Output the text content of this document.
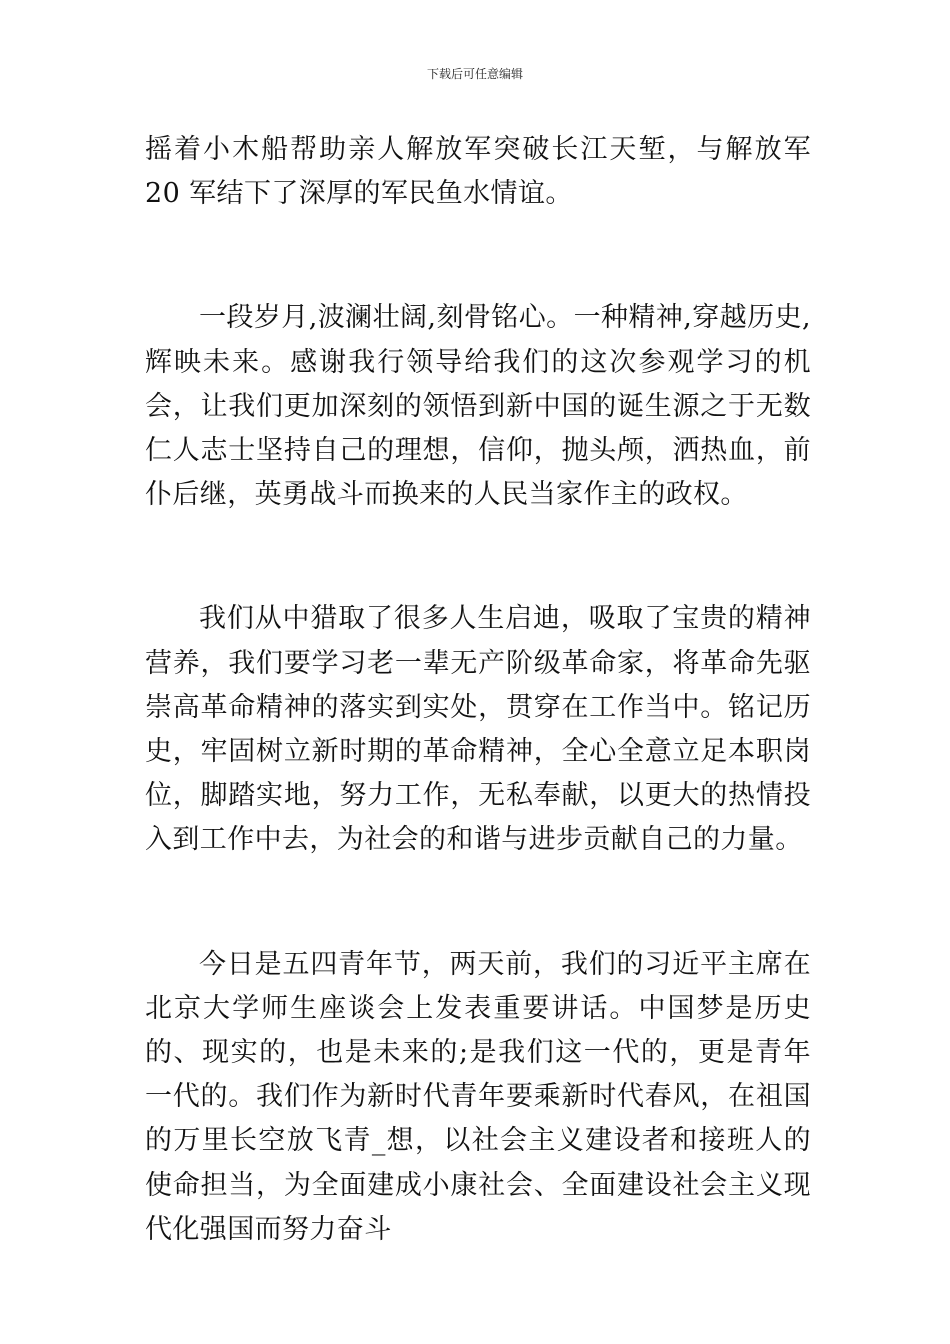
下载后可任意编辑

摇着小木船帮助亲人解放军突破长江天堑，与解放军 20 军结下了深厚的军民鱼水情谊。

一段岁月,波澜壮阔,刻骨铭心。一种精神,穿越历史,辉映未来。感谢我行领导给我们的这次参观学习的机会，让我们更加深刻的领悟到新中国的诞生源之于无数仁人志士坚持自己的理想，信仰，抛头颅，洒热血，前仆后继，英勇战斗而换来的人民当家作主的政权。

我们从中猎取了很多人生启迪，吸取了宝贵的精神营养，我们要学习老一辈无产阶级革命家，将革命先驱崇高革命精神的落实到实处，贯穿在工作当中。铭记历史，牢固树立新时期的革命精神，全心全意立足本职岗位，脚踏实地，努力工作，无私奉献，以更大的热情投入到工作中去，为社会的和谐与进步贡献自己的力量。

今日是五四青年节，两天前，我们的习近平主席在北京大学师生座谈会上发表重要讲话。中国梦是历史的、现实的，也是未来的;是我们这一代的，更是青年一代的。我们作为新时代青年要乘新时代春风，在祖国的万里长空放飞青_想，以社会主义建设者和接班人的使命担当，为全面建成小康社会、全面建设社会主义现代化强国而努力奋斗
